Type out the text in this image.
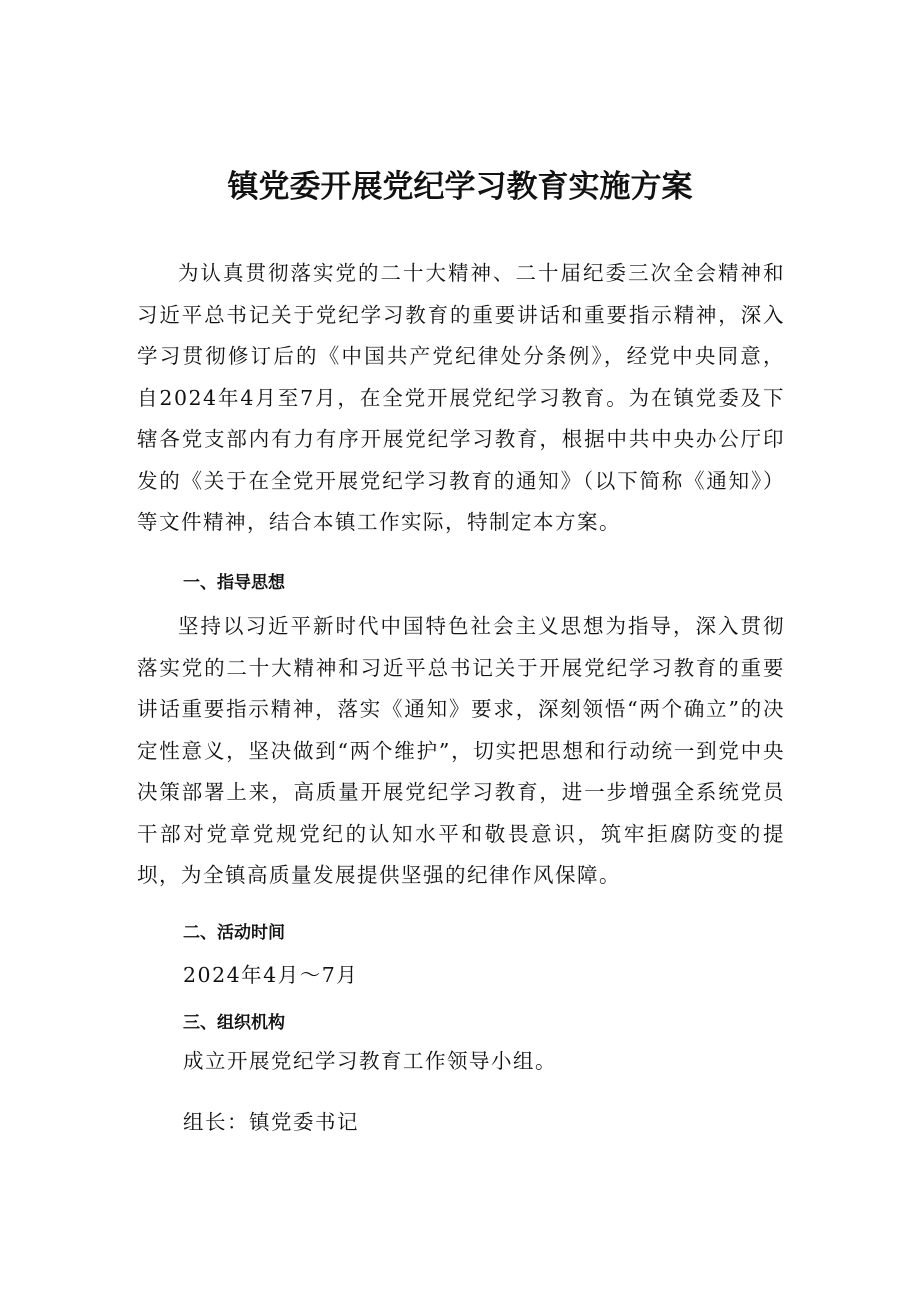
镇党委开展党纪学习教育实施方案

为认真贯彻落实党的二十大精神、二十届纪委三次全会精神和习近平总书记关于党纪学习教育的重要讲话和重要指示精神，深入学习贯彻修订后的《中国共产党纪律处分条例》，经党中央同意，自2024年4月至7月，在全党开展党纪学习教育。为在镇党委及下辖各党支部内有力有序开展党纪学习教育，根据中共中央办公厅印发的《关于在全党开展党纪学习教育的通知》（以下简称《通知》）等文件精神，结合本镇工作实际，特制定本方案。

一、指导思想

坚持以习近平新时代中国特色社会主义思想为指导，深入贯彻落实党的二十大精神和习近平总书记关于开展党纪学习教育的重要讲话重要指示精神，落实《通知》要求，深刻领悟“两个确立”的决定性意义，坚决做到“两个维护”，切实把思想和行动统一到党中央决策部署上来，高质量开展党纪学习教育，进一步增强全系统党员干部对党章党规党纪的认知水平和敬畏意识，筑牢拒腐防变的提坝，为全镇高质量发展提供坚强的纪律作风保障。

二、活动时间
2024年4月～7月
三、组织机构
成立开展党纪学习教育工作领导小组。
组长：镇党委书记
